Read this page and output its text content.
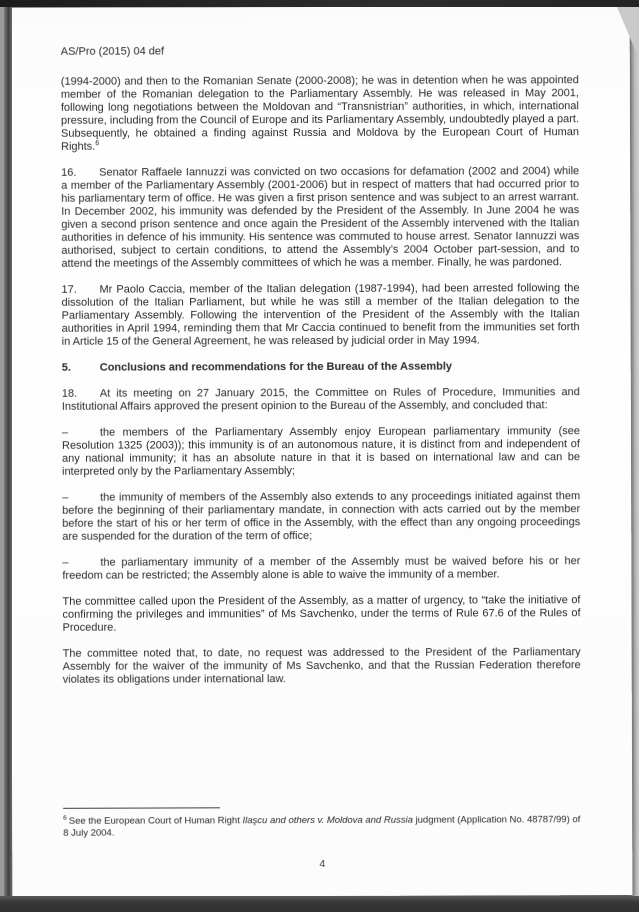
AS/Pro (2015) 04 def

(1994-2000) and then to the Romanian Senate (2000-2008); he was in detention when he was appointed member of the Romanian delegation to the Parliamentary Assembly. He was released in May 2001, following long negotiations between the Moldovan and “Transnistrian” authorities, in which, international pressure, including from the Council of Europe and its Parliamentary Assembly, undoubtedly played a part. Subsequently, he obtained a finding against Russia and Moldova by the European Court of Human Rights.$^6$

16. Senator Raffaele Iannuzzi was convicted on two occasions for defamation (2002 and 2004) while a member of the Parliamentary Assembly (2001-2006) but in respect of matters that had occurred prior to his parliamentary term of office. He was given a first prison sentence and was subject to an arrest warrant. In December 2002, his immunity was defended by the President of the Assembly. In June 2004 he was given a second prison sentence and once again the President of the Assembly intervened with the Italian authorities in defence of his immunity. His sentence was commuted to house arrest. Senator Iannuzzi was authorised, subject to certain conditions, to attend the Assembly’s 2004 October part-session, and to attend the meetings of the Assembly committees of which he was a member. Finally, he was pardoned.

17. Mr Paolo Caccia, member of the Italian delegation (1987-1994), had been arrested following the dissolution of the Italian Parliament, but while he was still a member of the Italian delegation to the Parliamentary Assembly. Following the intervention of the President of the Assembly with the Italian authorities in April 1994, reminding them that Mr Caccia continued to benefit from the immunities set forth in Article 15 of the General Agreement, he was released by judicial order in May 1994.

5.	Conclusions and recommendations for the Bureau of the Assembly

18. At its meeting on 27 January 2015, the Committee on Rules of Procedure, Immunities and Institutional Affairs approved the present opinion to the Bureau of the Assembly, and concluded that:

–	the members of the Parliamentary Assembly enjoy European parliamentary immunity (see Resolution 1325 (2003)); this immunity is of an autonomous nature, it is distinct from and independent of any national immunity; it has an absolute nature in that it is based on international law and can be interpreted only by the Parliamentary Assembly;

–	the immunity of members of the Assembly also extends to any proceedings initiated against them before the beginning of their parliamentary mandate, in connection with acts carried out by the member before the start of his or her term of office in the Assembly, with the effect than any ongoing proceedings are suspended for the duration of the term of office;

–	the parliamentary immunity of a member of the Assembly must be waived before his or her freedom can be restricted; the Assembly alone is able to waive the immunity of a member.

The committee called upon the President of the Assembly, as a matter of urgency, to “take the initiative of confirming the privileges and immunities” of Ms Savchenko, under the terms of Rule 67.6 of the Rules of Procedure.

The committee noted that, to date, no request was addressed to the President of the Parliamentary Assembly for the waiver of the immunity of Ms Savchenko, and that the Russian Federation therefore violates its obligations under international law.

$^6$ See the European Court of Human Right Ilaşcu and others v. Moldova and Russia judgment (Application No. 48787/99) of 8 July 2004.
4
